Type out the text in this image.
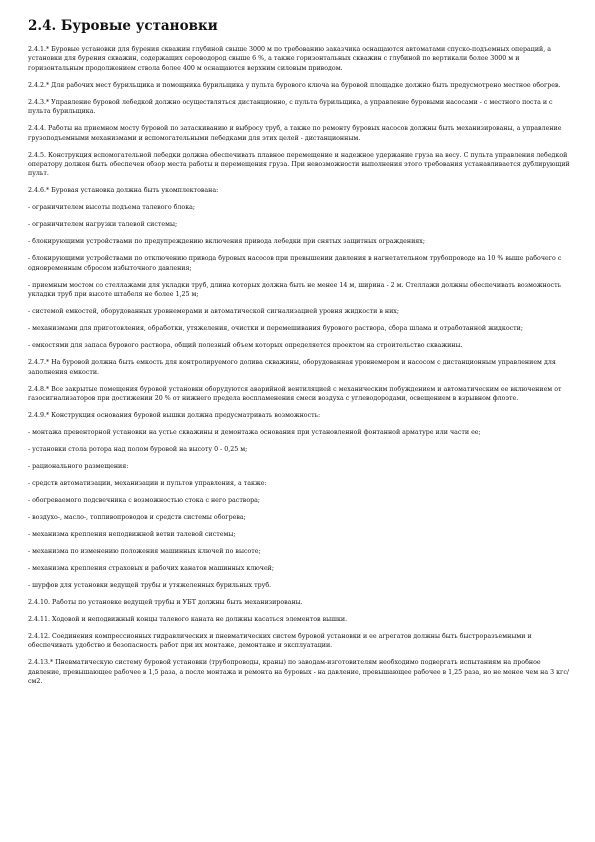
2.4. Буровые установки

2.4.1.* Буровые установки для бурения скважин глубиной свыше 3000 м по требованию заказчика оснащаются автоматами спуско-подъемных операций, а установки для бурения скважин, содержащих сероводород свыше 6 %, а также горизонтальных скважин с глубиной по вертикали более 3000 м и горизонтальным продолжением ствола более 400 м оснащаются верхним силовым приводом.

2.4.2.* Для рабочих мест бурильщика и помощника бурильщика у пульта бурового ключа на буровой площадке должно быть предусмотрено местное обогрев.

2.4.3.* Управление буровой лебедкой должно осуществляться дистанционно, с пульта бурильщика, а управление буровыми насосами - с местного поста и с пульта бурильщика.

2.4.4. Работы на приемном мосту буровой по затаскиванию и выбросу труб, а также по ремонту буровых насосов должны быть механизированы, а управление грузоподъемными механизмами и вспомогательными лебедками для этих целей - дистанционным.

2.4.5. Конструкция вспомогательной лебедки должна обеспечивать плавное перемещение и надежное удержание груза на весу. С пульта управления лебедкой оператору должен быть обеспечен обзор места работы и перемещения груза. При невозможности выполнения этого требования устанавливается дублирующий пульт.

2.4.6.* Буровая установка должна быть укомплектована:

- ограничителем высоты подъема талевого блока;

- ограничителем нагрузки талевой системы;

- блокирующими устройствами по предупреждению включения привода лебедки при снятых защитных ограждениях;

- блокирующими устройствами по отключению привода буровых насосов при превышении давления в нагнетательном трубопроводе на 10 % выше рабочего с одновременным сбросом избыточного давления;

- приемным мостом со стеллажами для укладки труб, длина которых должна быть не менее 14 м, ширина - 2 м. Стеллажи должны обеспечивать возможность укладки труб при высоте штабеля не более 1,25 м;

- системой емкостей, оборудованных уровнемерами и автоматической сигнализацией уровня жидкости в них;

- механизмами для приготовления, обработки, утяжеления, очистки и перемешивания бурового раствора, сбора шлама и отработанной жидкости;

- емкостями для запаса бурового раствора, общий полезный объем которых определяется проектом на строительство скважины.

2.4.7.* На буровой должна быть емкость для контролируемого долива скважины, оборудованная уровнемером и насосом с дистанционным управлением для заполнения емкости.

2.4.8.* Все закрытые помещения буровой установки оборудуются аварийной вентиляцией с механическим побуждением и автоматическим ее включением от газосигнализаторов при достижении 20 % от нижнего предела воспламенения смеси воздуха с углеводородами, освещением в взрывном флоэте.

2.4.9.* Конструкция основания буровой вышки должна предусматривать возможность:

- монтажа превенторной установки на устье скважины и демонтажа основания при установленной фонтанной арматуре или части ее;

- установки стола ротора над полом буровой на высоту 0 - 0,25 м;

- рационального размещения:

- средств автоматизации, механизации и пультов управления, а также:

- обогреваемого подсвечника с возможностью стока с него раствора;

- воздухо-, масло-, топливопроводов и средств системы обогрева;

- механизма крепления неподвижной ветви талевой системы;

- механизма по изменению положения машинных ключей по высоте;

- механизма крепления страховых и рабочих канатов машинных ключей;

- шурфов для установки ведущей трубы и утяжеленных бурильных труб.

2.4.10. Работы по установке ведущей трубы и УБТ должны быть механизированы.

2.4.11. Ходовой и неподвижный концы талевого каната не должны касаться элементов вышки.

2.4.12. Соединения компрессионных гидравлических и пневматических систем буровой установки и ее агрегатов должны быть быстроразъемными и обеспечивать удобство и безопасность работ при их монтаже, демонтаже и эксплуатации.

2.4.13.* Пневматическую систему буровой установки (трубопроводы, краны) по заводам-изготовителям необходимо подвергать испытаниям на пробное давление, превышающее рабочее в 1,5 раза, а после монтажа и ремонта на буровых - на давление, превышающее рабочее в 1,25 раза, но не менее чем на 3 кгс/см2.
